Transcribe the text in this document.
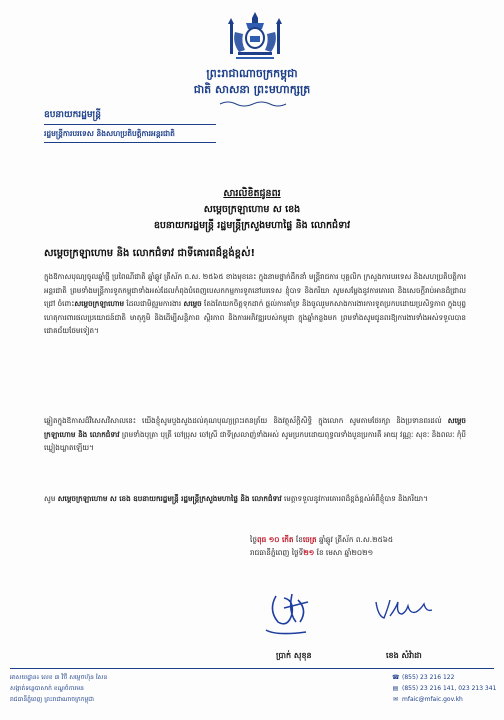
ព្រះរាជាណាចក្រកម្ពុជា
ជាតិ សាសនា ព្រះមហាក្សត្រ
ឧបនាយករដ្ឋមន្ត្រី
រដ្ឋមន្ត្រីការបរទេស និងសហប្រតិបត្តិការអន្តរជាតិ
សារលិខិតជូនពរ
សម្តេចក្រឡាហោម ស ខេង
ឧបនាយករដ្ឋមន្ត្រី រដ្ឋមន្ត្រីក្រសួងមហាផ្ទៃ និង លោកជំទាវ
សម្តេចក្រឡាហោម និង លោកជំទាវ ជាទីគោរពដ៏ខ្ពង់ខ្ពស់!
ក្នុងឱកាសបុណ្យចូលឆ្នាំថ្មី ប្រពៃណីជាតិ ឆ្នាំឆ្លូវ ត្រីស័ក ព.ស. ២៥៦៥ ខាងមុខនេះ ក្នុងនាមថ្នាក់ដឹកនាំ មន្ត្រីរាជការ បុគ្គលិក ក្រសួងការបរទេស និងសហប្រតិបត្តិការអន្តរជាតិ ព្រមទាំងមន្ត្រីការទូតកម្ពុជាទាំងអស់ដែលកំពុងបំពេញបេសកកម្មការទូតនៅបរទេស ខ្ញុំបាទ និងភរិយា សូមសម្តែងនូវការគោរព និងសេចក្តីរាប់អានដ៏ជ្រាលជ្រៅ ចំពោះសម្តេចក្រឡាហោម ដែលជាមិត្តរួមការងារ សម្តេច តែងតែយកចិត្តទុកដាក់ ផ្តល់ការគាំទ្រ និងចូលរួមកសាងការងារការទូតប្រកបដោយប្រសិទ្ធភាព ក្នុងបុព្វហេតុការពារផលប្រយោជន៍ជាតិ មាតុភូមិ និងដើម្បីសន្តិភាព ស្ថិរភាព និងការអភិវឌ្ឍរបស់កម្ពុជា ក្នុងឆ្នាំកន្លងមក ព្រមទាំងសូមជូនពរឱ្យការងារទាំងអស់ទទួលបានជោគជ័យថែមទៀត។
ឆ្លៀតក្នុងឱកាសដ៏វិសេសវិសាលនេះ យើងខ្ញុំសូមបួងសួងដល់គុណបុណ្យព្រះរតនត្រ័យ និងវត្ថុស័ក្តិសិទ្ធិ ក្នុងលោក សូមតាមថែរក្សា និងប្រទានពរដល់ សម្តេចក្រឡាហោម និង លោកជំទាវ ព្រមទាំងបុត្រា បុត្រី ចៅប្រុស ចៅស្រី ជាទីស្រលាញ់ទាំងអស់ សូមប្រកបដោយពុទ្ធពរទាំងបួនប្រការគឺ អាយុ វណ្ណៈ សុខៈ និងពលៈ កុំបីឃ្លៀងឃ្លាតឡើយ។
សូម សម្តេចក្រឡាហោម ស ខេង ឧបនាយករដ្ឋមន្ត្រី រដ្ឋមន្ត្រីក្រសួងមហាផ្ទៃ និង លោកជំទាវ មេត្តាទទួលនូវការគោរពដ៏ខ្ពង់ខ្ពស់អំពីខ្ញុំបាទ និងភរិយា។
ថ្ងៃពុធ ១០ កើត ខែចេត្រ ឆ្នាំឆ្លូវ ត្រីស័ក ព.ស.២៥៦៥
រាជធានីភ្នំពេញ ថ្ងៃទី២១ ខែ មេសា ឆ្នាំ២០២១
ប្រាក់ សុខុន	ខេង សំវ៉ាដា
អាសយដ្ឋាន៖ លេខ ៣ វិថី សម្តេចហ៊ុន សែន
សង្កាត់ទន្លេបាសាក់ ខណ្ឌចំការមន
រាជធានីភ្នំពេញ ព្រះរាជាណាចក្រកម្ពុជា
☎ (855) 23 216 122
▤ (855) 23 216 141, 023 213 341
✉ mfaic@mfaic.gov.kh
